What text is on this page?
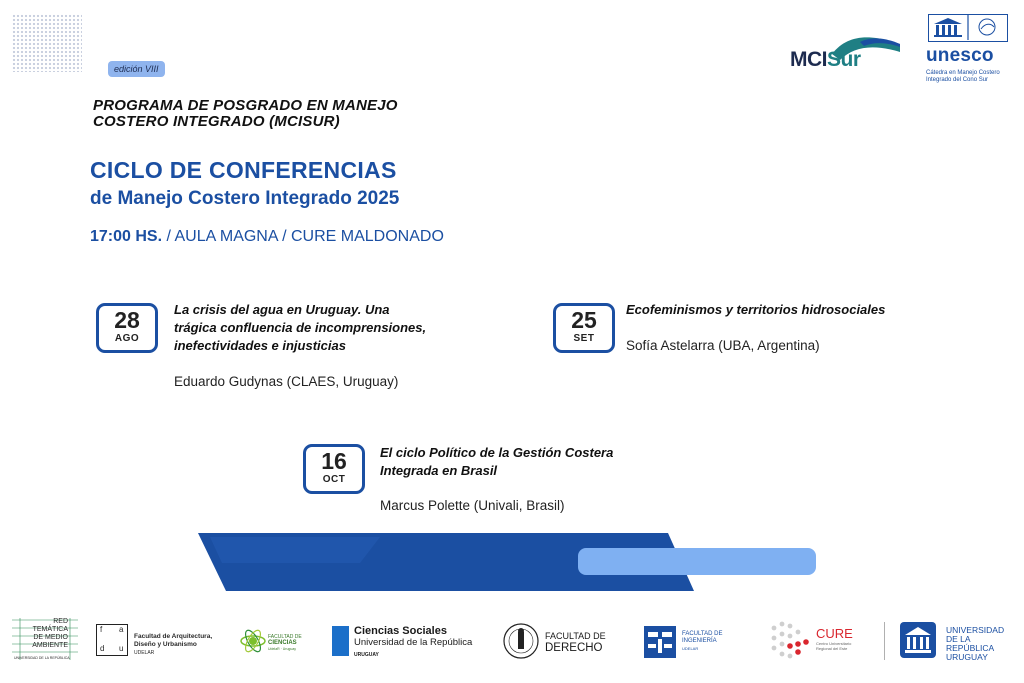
edición VIII
PROGRAMA DE POSGRADO EN MANEJO
COSTERO INTEGRADO (MCISUR)
CICLO DE CONFERENCIAS
de Manejo Costero Integrado 2025
17:00 HS. / AULA MAGNA / CURE MALDONADO
MCISur	unesco
Cátedra en Manejo Costero
Integrado del Cono Sur
28
AGO
La crisis del agua en Uruguay. Una
trágica confluencia de incomprensiones,
inefectividades e injusticias
Eduardo Gudynas (CLAES, Uruguay)
25
SET
Ecofeminismos y territorios hidrosociales
Sofía Astelarra (UBA, Argentina)
16
OCT
El ciclo Político de la Gestión Costera
Integrada en Brasil
Marcus Polette (Univali, Brasil)
RED
TEMÁTICA
DE MEDIO
AMBIENTE
UNIVERSIDAD DE LA REPÚBLICA
f a
d u
Facultad de Arquitectura,
Diseño y Urbanismo
UDELAR
FACULTAD DE
CIENCIAS
UdelaR · Uruguay
Ciencias Sociales
Universidad de la República
URUGUAY
FACULTAD DE
DERECHO
FACULTAD DE
INGENIERÍA
UDELAR
CURE
Centro Universitario
Regional del Este
UNIVERSIDAD
DE LA REPÚBLICA
URUGUAY
